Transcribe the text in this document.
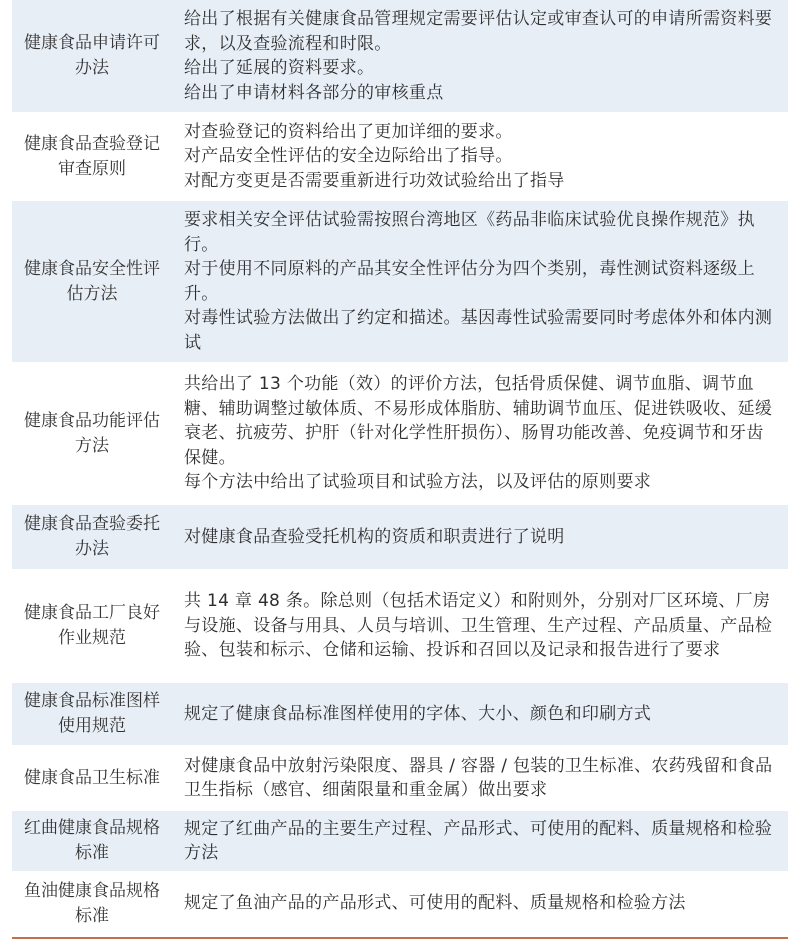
健康食品申请许可办法

给出了根据有关健康食品管理规定需要评估认定或审查认可的申请所需资料要求，以及查验流程和时限。

给出了延展的资料要求。

给出了申请材料各部分的审核重点

健康食品查验登记审查原则

对查验登记的资料给出了更加详细的要求。

对产品安全性评估的安全边际给出了指导。

对配方变更是否需要重新进行功效试验给出了指导

健康食品安全性评估方法

要求相关安全评估试验需按照台湾地区《药品非临床试验优良操作规范》执行。

对于使用不同原料的产品其安全性评估分为四个类别，毒性测试资料逐级上升。

对毒性试验方法做出了约定和描述。基因毒性试验需要同时考虑体外和体内测试

健康食品功能评估方法

共给出了 13 个功能（效）的评价方法，包括骨质保健、调节血脂、调节血糖、辅助调整过敏体质、不易形成体脂肪、辅助调节血压、促进铁吸收、延缓衰老、抗疲劳、护肝（针对化学性肝损伤）、肠胃功能改善、免疫调节和牙齿保健。

每个方法中给出了试验项目和试验方法，以及评估的原则要求

健康食品查验委托办法

对健康食品查验受托机构的资质和职责进行了说明

健康食品工厂良好作业规范

共 14 章 48 条。除总则（包括术语定义）和附则外，分别对厂区环境、厂房与设施、设备与用具、人员与培训、卫生管理、生产过程、产品质量、产品检验、包装和标示、仓储和运输、投诉和召回以及记录和报告进行了要求

健康食品标准图样使用规范

规定了健康食品标准图样使用的字体、大小、颜色和印刷方式

健康食品卫生标准

对健康食品中放射污染限度、器具 / 容器 / 包装的卫生标准、农药残留和食品卫生指标（感官、细菌限量和重金属）做出要求

红曲健康食品规格标准

规定了红曲产品的主要生产过程、产品形式、可使用的配料、质量规格和检验方法

鱼油健康食品规格标准

规定了鱼油产品的产品形式、可使用的配料、质量规格和检验方法
